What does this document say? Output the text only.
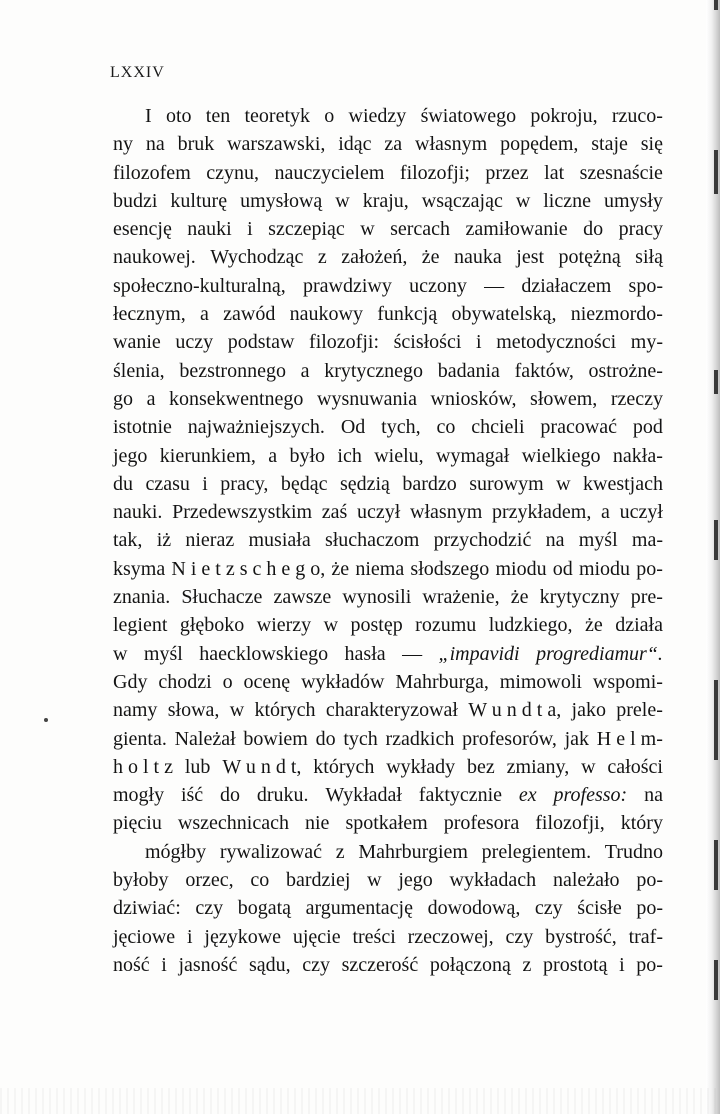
LXXIV
I oto ten teoretyk o wiedzy światowego pokroju, rzuco-
ny na bruk warszawski, idąc za własnym popędem, staje się
filozofem czynu, nauczycielem filozofji; przez lat szesnaście
budzi kulturę umysłową w kraju, wsączając w liczne umysły
esencję nauki i szczepiąc w sercach zamiłowanie do pracy
naukowej. Wychodząc z założeń, że nauka jest potężną siłą
społeczno-kulturalną, prawdziwy uczony — działaczem spo-
łecznym, a zawód naukowy funkcją obywatelską, niezmordo-
wanie uczy podstaw filozofji: ścisłości i metodyczności my-
ślenia, bezstronnego a krytycznego badania faktów, ostrożne-
go a konsekwentnego wysnuwania wniosków, słowem, rzeczy
istotnie najważniejszych. Od tych, co chcieli pracować pod
jego kierunkiem, a było ich wielu, wymagał wielkiego nakła-
du czasu i pracy, będąc sędzią bardzo surowym w kwestjach
nauki. Przedewszystkim zaś uczył własnym przykładem, a uczył
tak, iż nieraz musiała słuchaczom przychodzić na myśl ma-
ksyma N i e t z s c h e g o, że niema słodszego miodu od miodu po-
znania. Słuchacze zawsze wynosili wrażenie, że krytyczny pre-
legient głęboko wierzy w postęp rozumu ludzkiego, że działa
w myśl haecklowskiego hasła — „impavidi progrediamur“.
Gdy chodzi o ocenę wykładów Mahrburga, mimowoli wspomi-
namy słowa, w których charakteryzował W u n d t a, jako prele-
gienta. Należał bowiem do tych rzadkich profesorów, jak H e l m-
h o l t z lub W u n d t, których wykłady bez zmiany, w całości
mogły iść do druku. Wykładał faktycznie ex professo: na
pięciu wszechnicach nie spotkałem profesora filozofji, który
mógłby rywalizować z Mahrburgiem prelegientem. Trudno
byłoby orzec, co bardziej w jego wykładach należało po-
dziwiać: czy bogatą argumentację dowodową, czy ścisłe po-
jęciowe i językowe ujęcie treści rzeczowej, czy bystrość, traf-
ność i jasność sądu, czy szczerość połączoną z prostotą i po-
